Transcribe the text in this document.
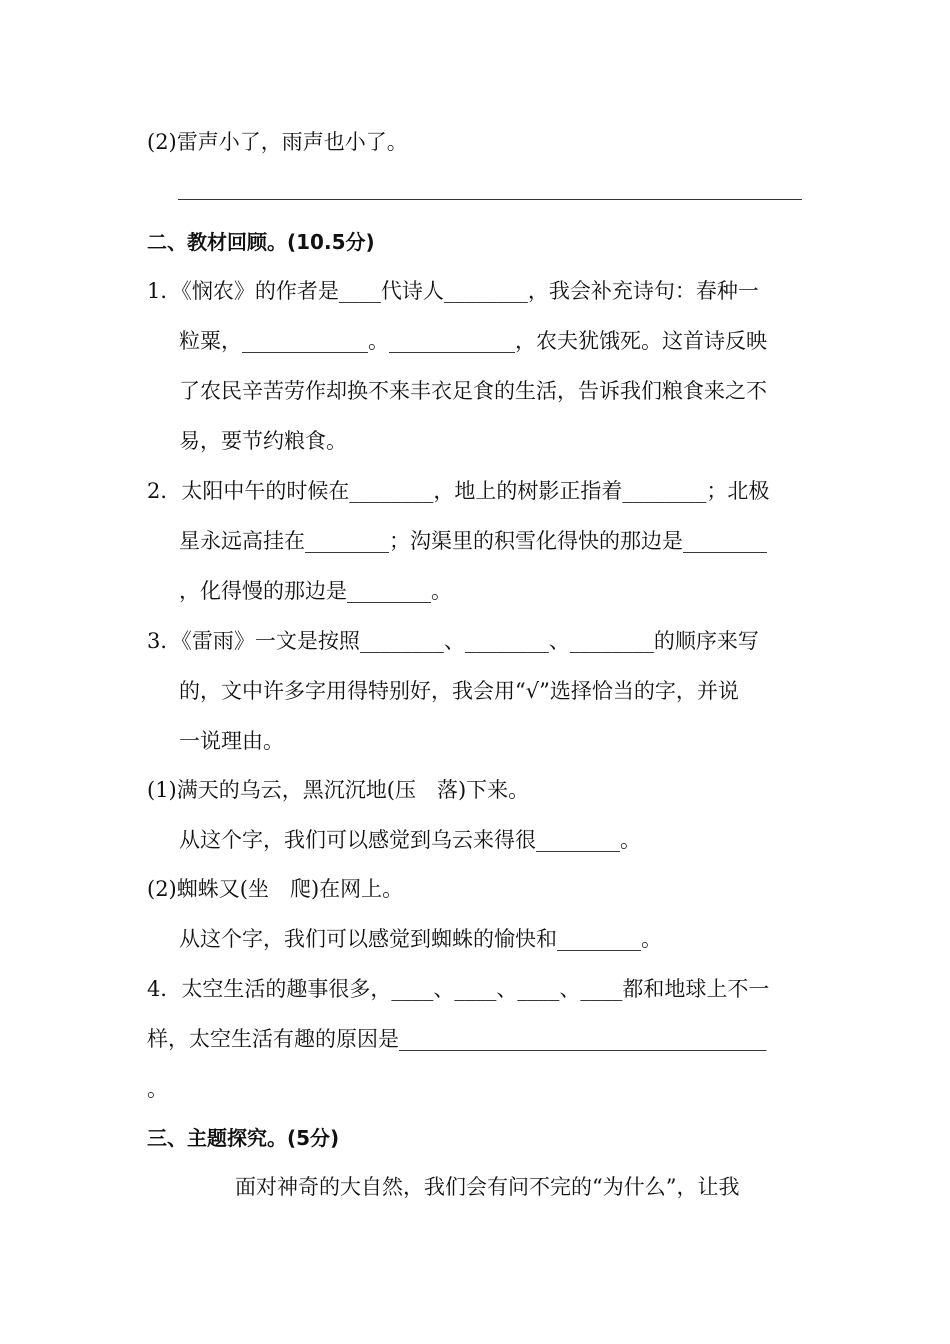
(2)雷声小了，雨声也小了。
二、教材回顾。(10.5分)
1．《悯农》的作者是____代诗人________，我会补充诗句：春种一
粒粟，____________。____________，农夫犹饿死。这首诗反映
了农民辛苦劳作却换不来丰衣足食的生活，告诉我们粮食来之不
易，要节约粮食。
2．太阳中午的时候在________，地上的树影正指着________；北极
星永远高挂在________；沟渠里的积雪化得快的那边是________
，化得慢的那边是________。
3．《雷雨》一文是按照________、________、________的顺序来写
的，文中许多字用得特别好，我会用“√”选择恰当的字，并说
一说理由。
(1)满天的乌云，黑沉沉地(压　落)下来。
从这个字，我们可以感觉到乌云来得很________。
(2)蜘蛛又(坐　爬)在网上。
从这个字，我们可以感觉到蜘蛛的愉快和________。
4．太空生活的趣事很多，____、____、____、____都和地球上不一
样，太空生活有趣的原因是___________________________________
。
三、主题探究。(5分)
面对神奇的大自然，我们会有问不完的“为什么”，让我
